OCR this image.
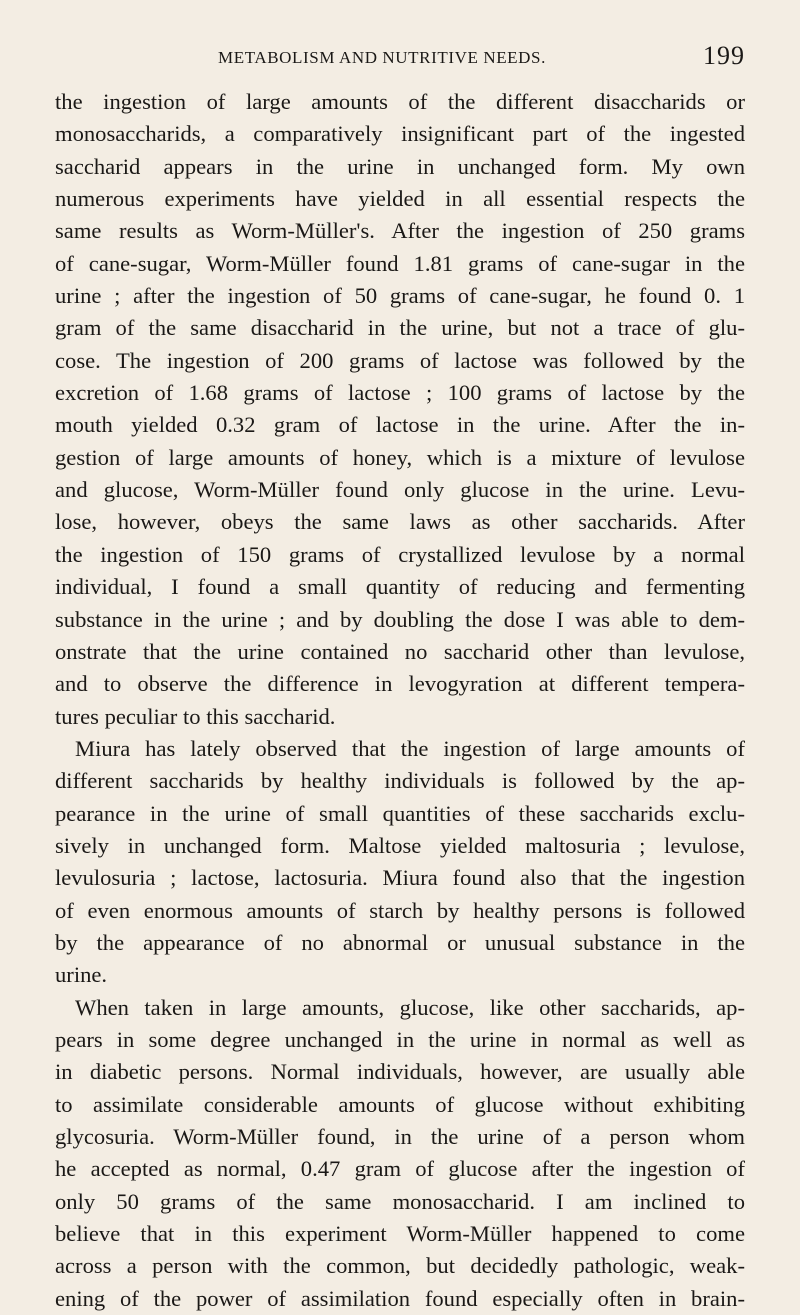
METABOLISM AND NUTRITIVE NEEDS.	199
the ingestion of large amounts of the different disaccharids or
monosaccharids, a comparatively insignificant part of the ingested
saccharid appears in the urine in unchanged form. My own
numerous experiments have yielded in all essential respects the
same results as Worm-Müller's. After the ingestion of 250 grams
of cane-sugar, Worm-Müller found 1.81 grams of cane-sugar in the
urine ; after the ingestion of 50 grams of cane-sugar, he found 0. 1
gram of the same disaccharid in the urine, but not a trace of glu-
cose. The ingestion of 200 grams of lactose was followed by the
excretion of 1.68 grams of lactose ; 100 grams of lactose by the
mouth yielded 0.32 gram of lactose in the urine. After the in-
gestion of large amounts of honey, which is a mixture of levulose
and glucose, Worm-Müller found only glucose in the urine. Levu-
lose, however, obeys the same laws as other saccharids. After
the ingestion of 150 grams of crystallized levulose by a normal
individual, I found a small quantity of reducing and fermenting
substance in the urine ; and by doubling the dose I was able to dem-
onstrate that the urine contained no saccharid other than levulose,
and to observe the difference in levogyration at different tempera-
tures peculiar to this saccharid.
Miura has lately observed that the ingestion of large amounts of
different saccharids by healthy individuals is followed by the ap-
pearance in the urine of small quantities of these saccharids exclu-
sively in unchanged form. Maltose yielded maltosuria ; levulose,
levulosuria ; lactose, lactosuria. Miura found also that the ingestion
of even enormous amounts of starch by healthy persons is followed
by the appearance of no abnormal or unusual substance in the
urine.
When taken in large amounts, glucose, like other saccharids, ap-
pears in some degree unchanged in the urine in normal as well as
in diabetic persons. Normal individuals, however, are usually able
to assimilate considerable amounts of glucose without exhibiting
glycosuria. Worm-Müller found, in the urine of a person whom
he accepted as normal, 0.47 gram of glucose after the ingestion of
only 50 grams of the same monosaccharid. I am inclined to
believe that in this experiment Worm-Müller happened to come
across a person with the common, but decidedly pathologic, weak-
ening of the power of assimilation found especially often in brain-
